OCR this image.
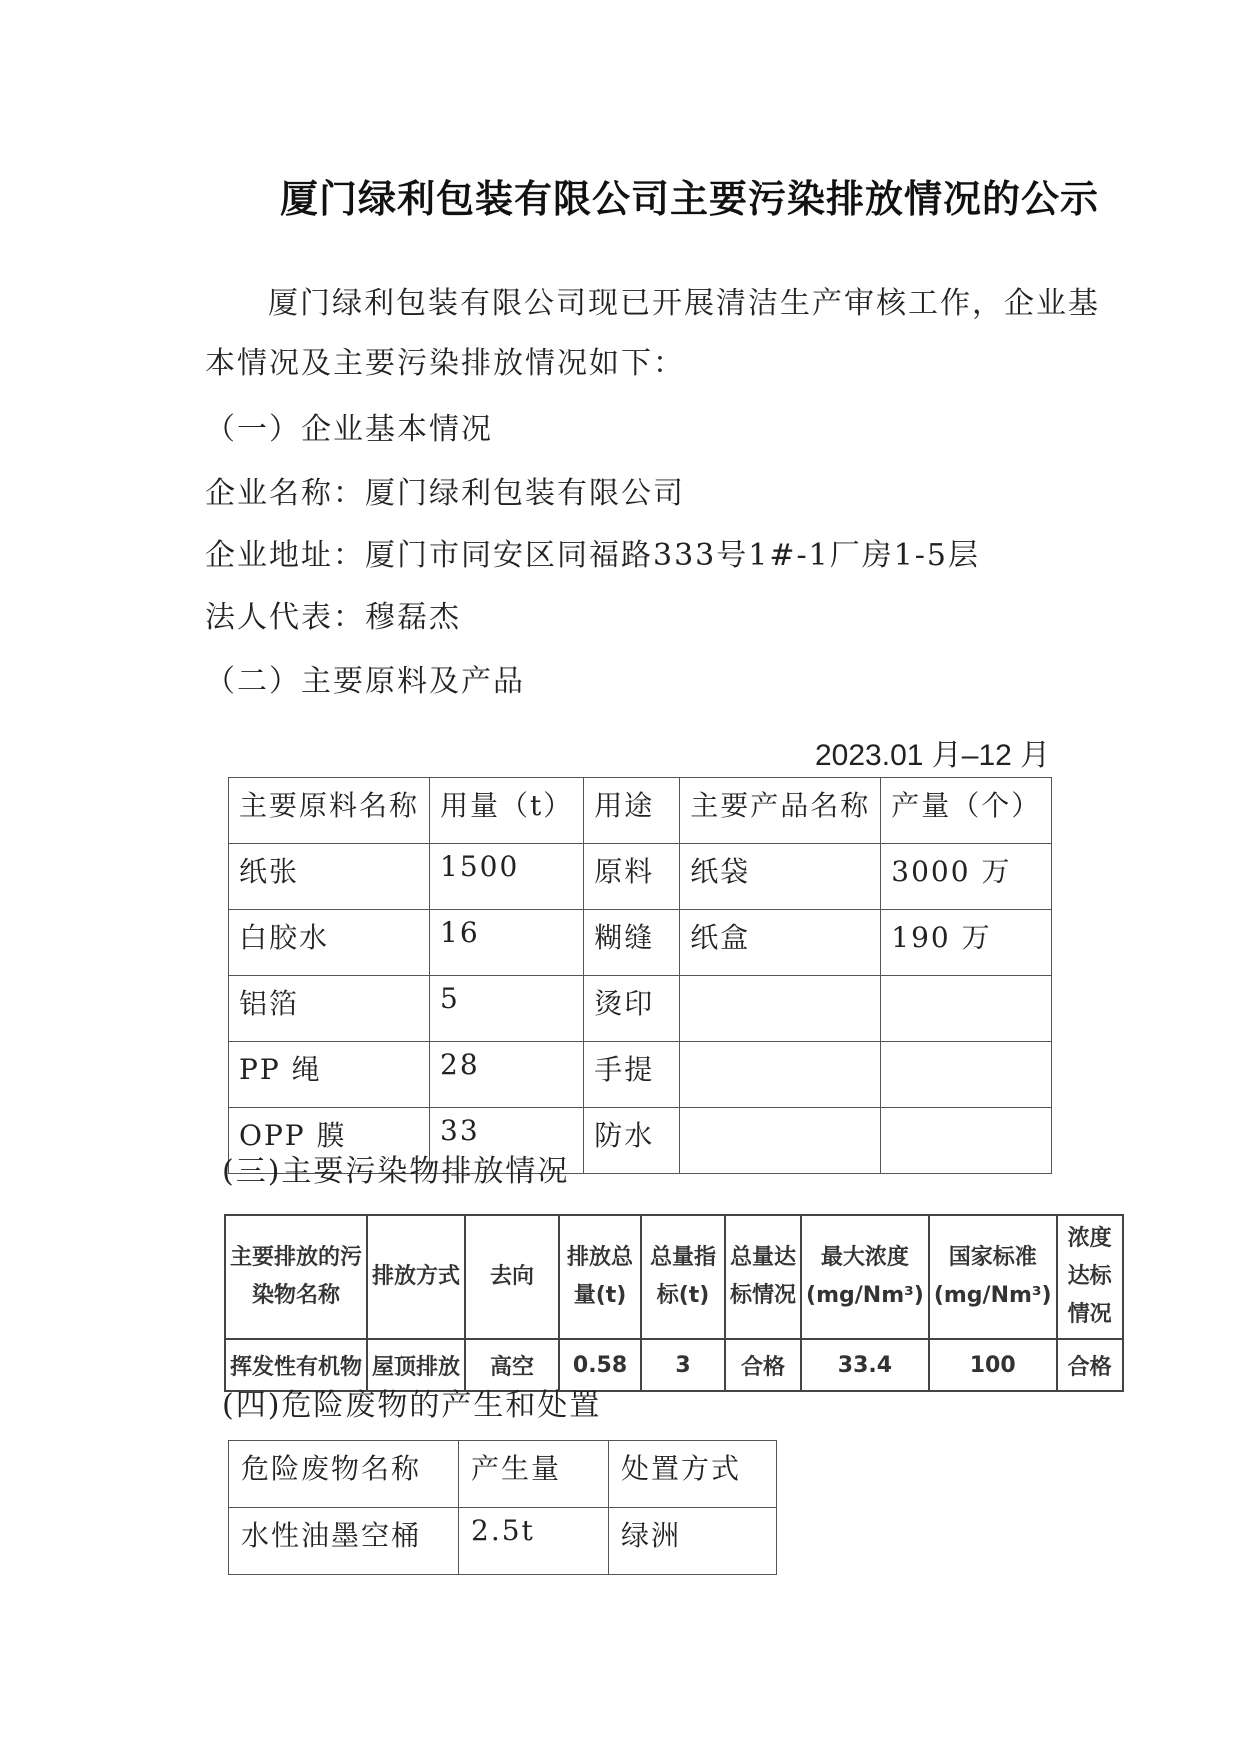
厦门绿利包装有限公司主要污染排放情况的公示
厦门绿利包装有限公司现已开展清洁生产审核工作，企业基
本情况及主要污染排放情况如下：
（一）企业基本情况
企业名称：厦门绿利包装有限公司
企业地址：厦门市同安区同福路333号1#-1厂房1-5层
法人代表：穆磊杰
（二）主要原料及产品
2023.01 月–12 月
主要原料名称	用量（t）	用途	主要产品名称	产量（个）
纸张	1500	原料	纸袋	3000 万
白胶水	16	糊缝	纸盒	190 万
铝箔	5	烫印		
PP 绳	28	手提		
OPP 膜	33	防水		
(三)主要污染物排放情况
主要排放的污染物名称	排放方式	去向	排放总量(t)	总量指标(t)	总量达标情况	最大浓度(mg/Nm³)	国家标准(mg/Nm³)	浓度达标情况
挥发性有机物	屋顶排放	高空	0.58	3	合格	33.4	100	合格
(四)危险废物的产生和处置
危险废物名称	产生量	处置方式
水性油墨空桶	2.5t	绿洲
